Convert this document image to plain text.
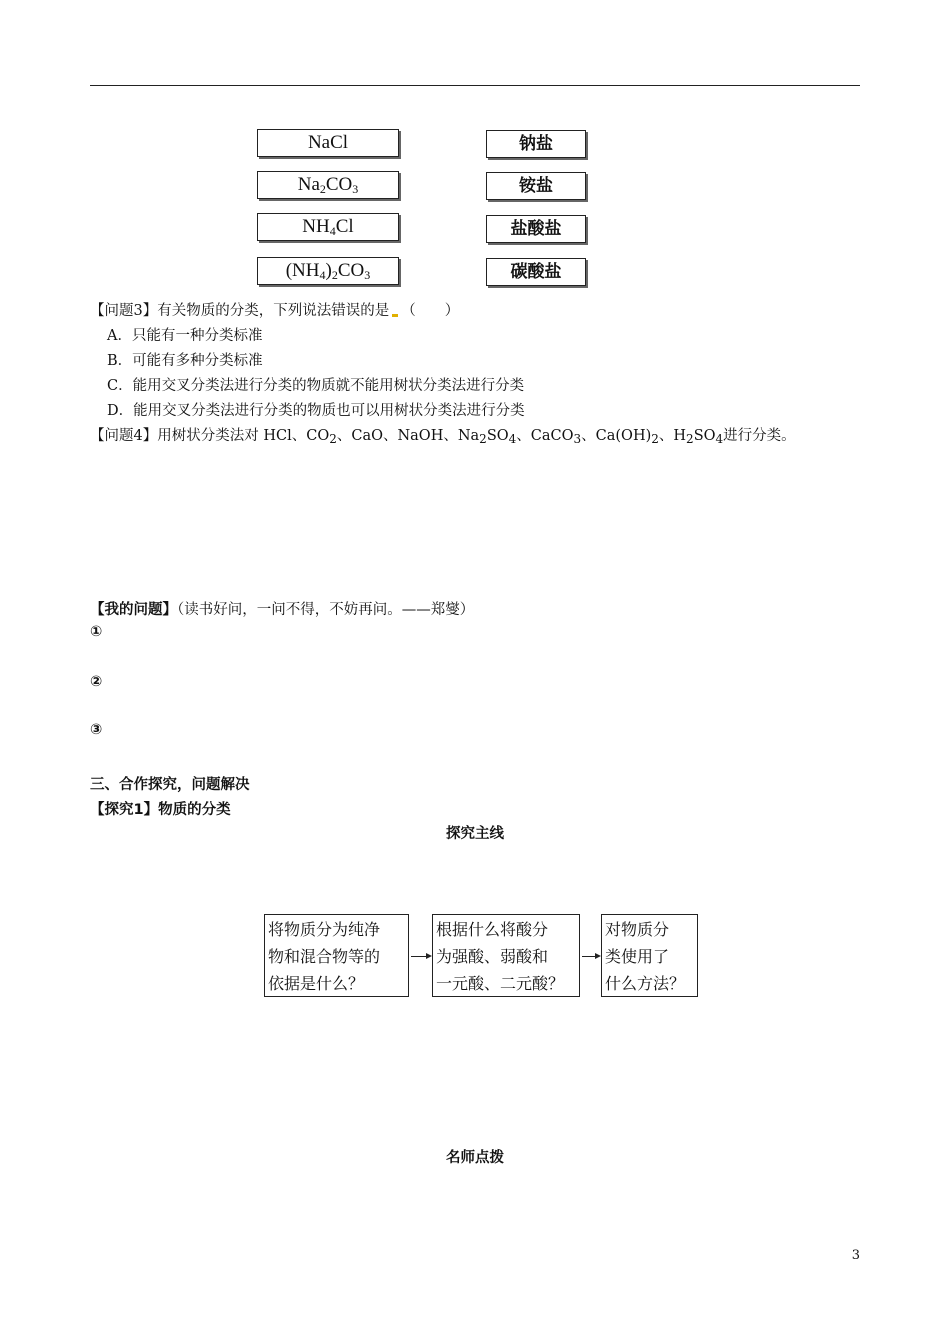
NaCl
$Na_2CO_3$
$NH_4Cl$
$(NH_4)_2CO_3$
钠盐
铵盐
盐酸盐
碳酸盐
【问题3】有关物质的分类，下列说法错误的是 （　　）
A．只能有一种分类标准
B．可能有多种分类标准
C．能用交叉分类法进行分类的物质就不能用树状分类法进行分类
D．能用交叉分类法进行分类的物质也可以用树状分类法进行分类
【问题4】用树状分类法对 HCl、$CO_2$、CaO、NaOH、$Na_2SO_4$、CaCO$_3$、$Ca(OH)_2$、$H_2SO_4$进行分类。
【我的问题】（读书好问，一问不得，不妨再问。——郑燮）
①
②
③
三、合作探究，问题解决
【探究1】物质的分类
探究主线
将物质分为纯净
物和混合物等的
依据是什么？
根据什么将酸分
为强酸、弱酸和
一元酸、二元酸？
对物质分
类使用了
什么方法？
名师点拨
3
